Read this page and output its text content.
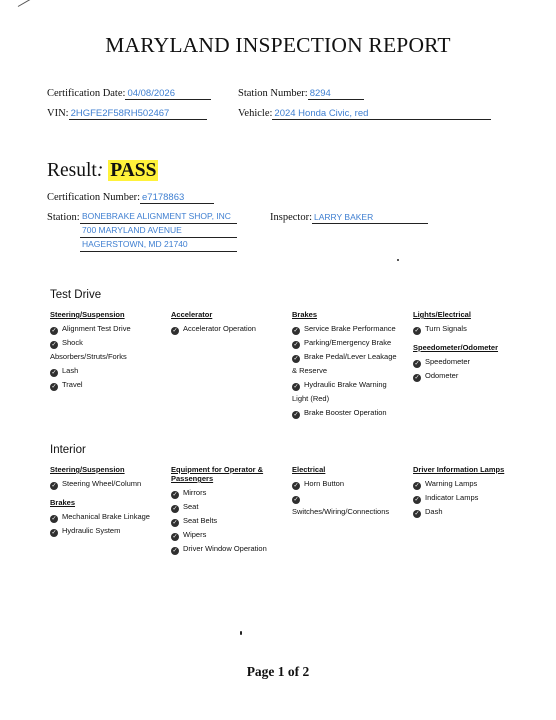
MARYLAND INSPECTION REPORT
Certification Date: 04/08/2026	Station Number: 8294
VIN: 2HGFE2F58RH502467	Vehicle: 2024 Honda Civic, red
Result: PASS
Certification Number: e7178863
Station: BONEBRAKE ALIGNMENT SHOP, INC
700 MARYLAND AVENUE
HAGERSTOWN, MD 21740
Inspector: LARRY BAKER
Test Drive
Steering/Suspension
✓ Alignment Test Drive
✓ Shock
Absorbers/Struts/Forks
✓ Lash
✓ Travel
Accelerator
✓ Accelerator Operation
Brakes
✓ Service Brake Performance
✓ Parking/Emergency Brake
✓ Brake Pedal/Lever Leakage
& Reserve
✓ Hydraulic Brake Warning
Light (Red)
✓ Brake Booster Operation
Lights/Electrical
✓ Turn Signals
Speedometer/Odometer
✓ Speedometer
✓ Odometer
Interior
Steering/Suspension
✓ Steering Wheel/Column
Brakes
✓ Mechanical Brake Linkage
✓ Hydraulic System
Equipment for Operator &
Passengers
✓ Mirrors
✓ Seat
✓ Seat Belts
✓ Wipers
✓ Driver Window Operation
Electrical
✓ Horn Button
✓
Switches/Wiring/Connections
Driver Information Lamps
✓ Warning Lamps
✓ Indicator Lamps
✓ Dash
Page 1 of 2
